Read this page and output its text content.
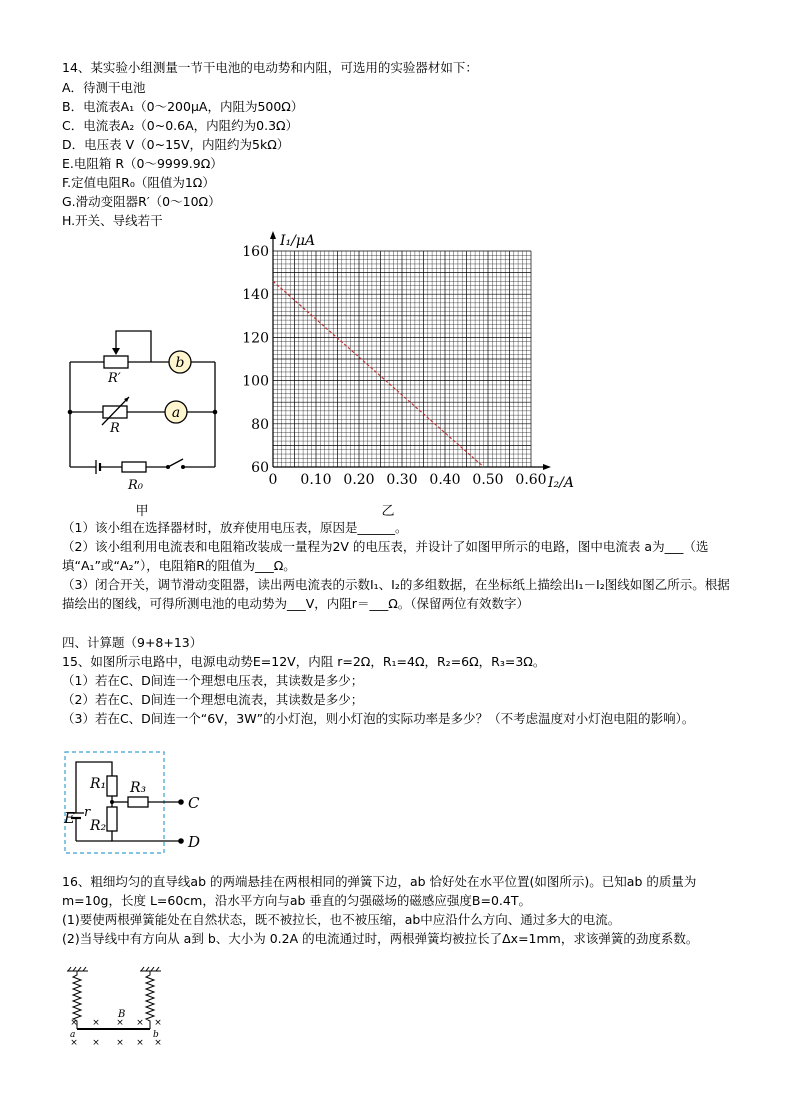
14、某实验小组测量一节干电池的电动势和内阻，可选用的实验器材如下：
A．待测干电池
B．电流表A₁（0～200μA，内阻为500Ω）
C．电流表A₂（0~0.6A，内阻约为0.3Ω）
D．电压表 V（0~15V，内阻约为5kΩ）
E.电阻箱 R（0～9999.9Ω）
F.定值电阻R₀（阻值为1Ω）
G.滑动变阻器R′（0～10Ω）
H.开关、导线若干
b
a
R′
R
R₀
甲
0 0.10 0.20 0.30 0.40 0.50 0.60
60
80
100
120
140
160
I₁/μA
I₂/A
乙
（1）该小组在选择器材时，放弃使用电压表，原因是______。
（2）该小组利用电流表和电阻箱改装成一量程为2V 的电压表，并设计了如图甲所示的电路，图中电流表 a为___（选填“A₁”或“A₂”），电阻箱R的阻值为___Ω。
（3）闭合开关，调节滑动变阻器，读出两电流表的示数I₁、I₂的多组数据，在坐标纸上描绘出I₁－I₂图线如图乙所示。根据描绘出的图线，可得所测电池的电动势为___V，内阻r＝___Ω。（保留两位有效数字）
四、计算题（9+8+13）
15、如图所示电路中，电源电动势E=12V，内阻 r=2Ω，R₁=4Ω，R₂=6Ω，R₃=3Ω。
（1）若在C、D间连一个理想电压表，其读数是多少；
（2）若在C、D间连一个理想电流表，其读数是多少；
（3）若在C、D间连一个“6V，3W”的小灯泡，则小灯泡的实际功率是多少？（不考虑温度对小灯泡电阻的影响）。
R₁ R₃
R₂
E r
C
D
16、粗细均匀的直导线ab 的两端悬挂在两根相同的弹簧下边，ab 恰好处在水平位置(如图所示)。已知ab 的质量为m=10g，长度 L=60cm，沿水平方向与ab 垂直的匀强磁场的磁感应强度B=0.4T。
(1)要使两根弹簧能处在自然状态，既不被拉长，也不被压缩，ab中应沿什么方向、通过多大的电流。
(2)当导线中有方向从 a到 b、大小为 0.2A 的电流通过时，两根弹簧均被拉长了Δx=1mm，求该弹簧的劲度系数。
× × × × ×
× × × × ×
B
a	b
